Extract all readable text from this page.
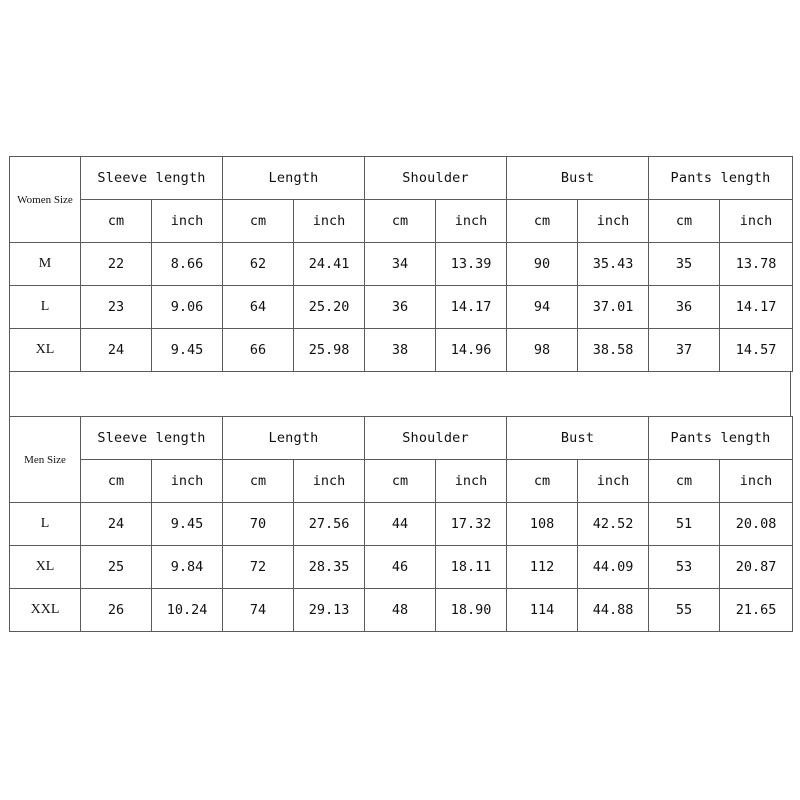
Women Size	Sleeve length		Length		Shoulder		Bust		Pants length	
	cm	inch	cm	inch	cm	inch	cm	inch	cm	inch
M	22	8.66	62	24.41	34	13.39	90	35.43	35	13.78
L	23	9.06	64	25.20	36	14.17	94	37.01	36	14.17
XL	24	9.45	66	25.98	38	14.96	98	38.58	37	14.57
Men Size	Sleeve length		Length		Shoulder		Bust		Pants length	
	cm	inch	cm	inch	cm	inch	cm	inch	cm	inch
L	24	9.45	70	27.56	44	17.32	108	42.52	51	20.08
XL	25	9.84	72	28.35	46	18.11	112	44.09	53	20.87
XXL	26	10.24	74	29.13	48	18.90	114	44.88	55	21.65
